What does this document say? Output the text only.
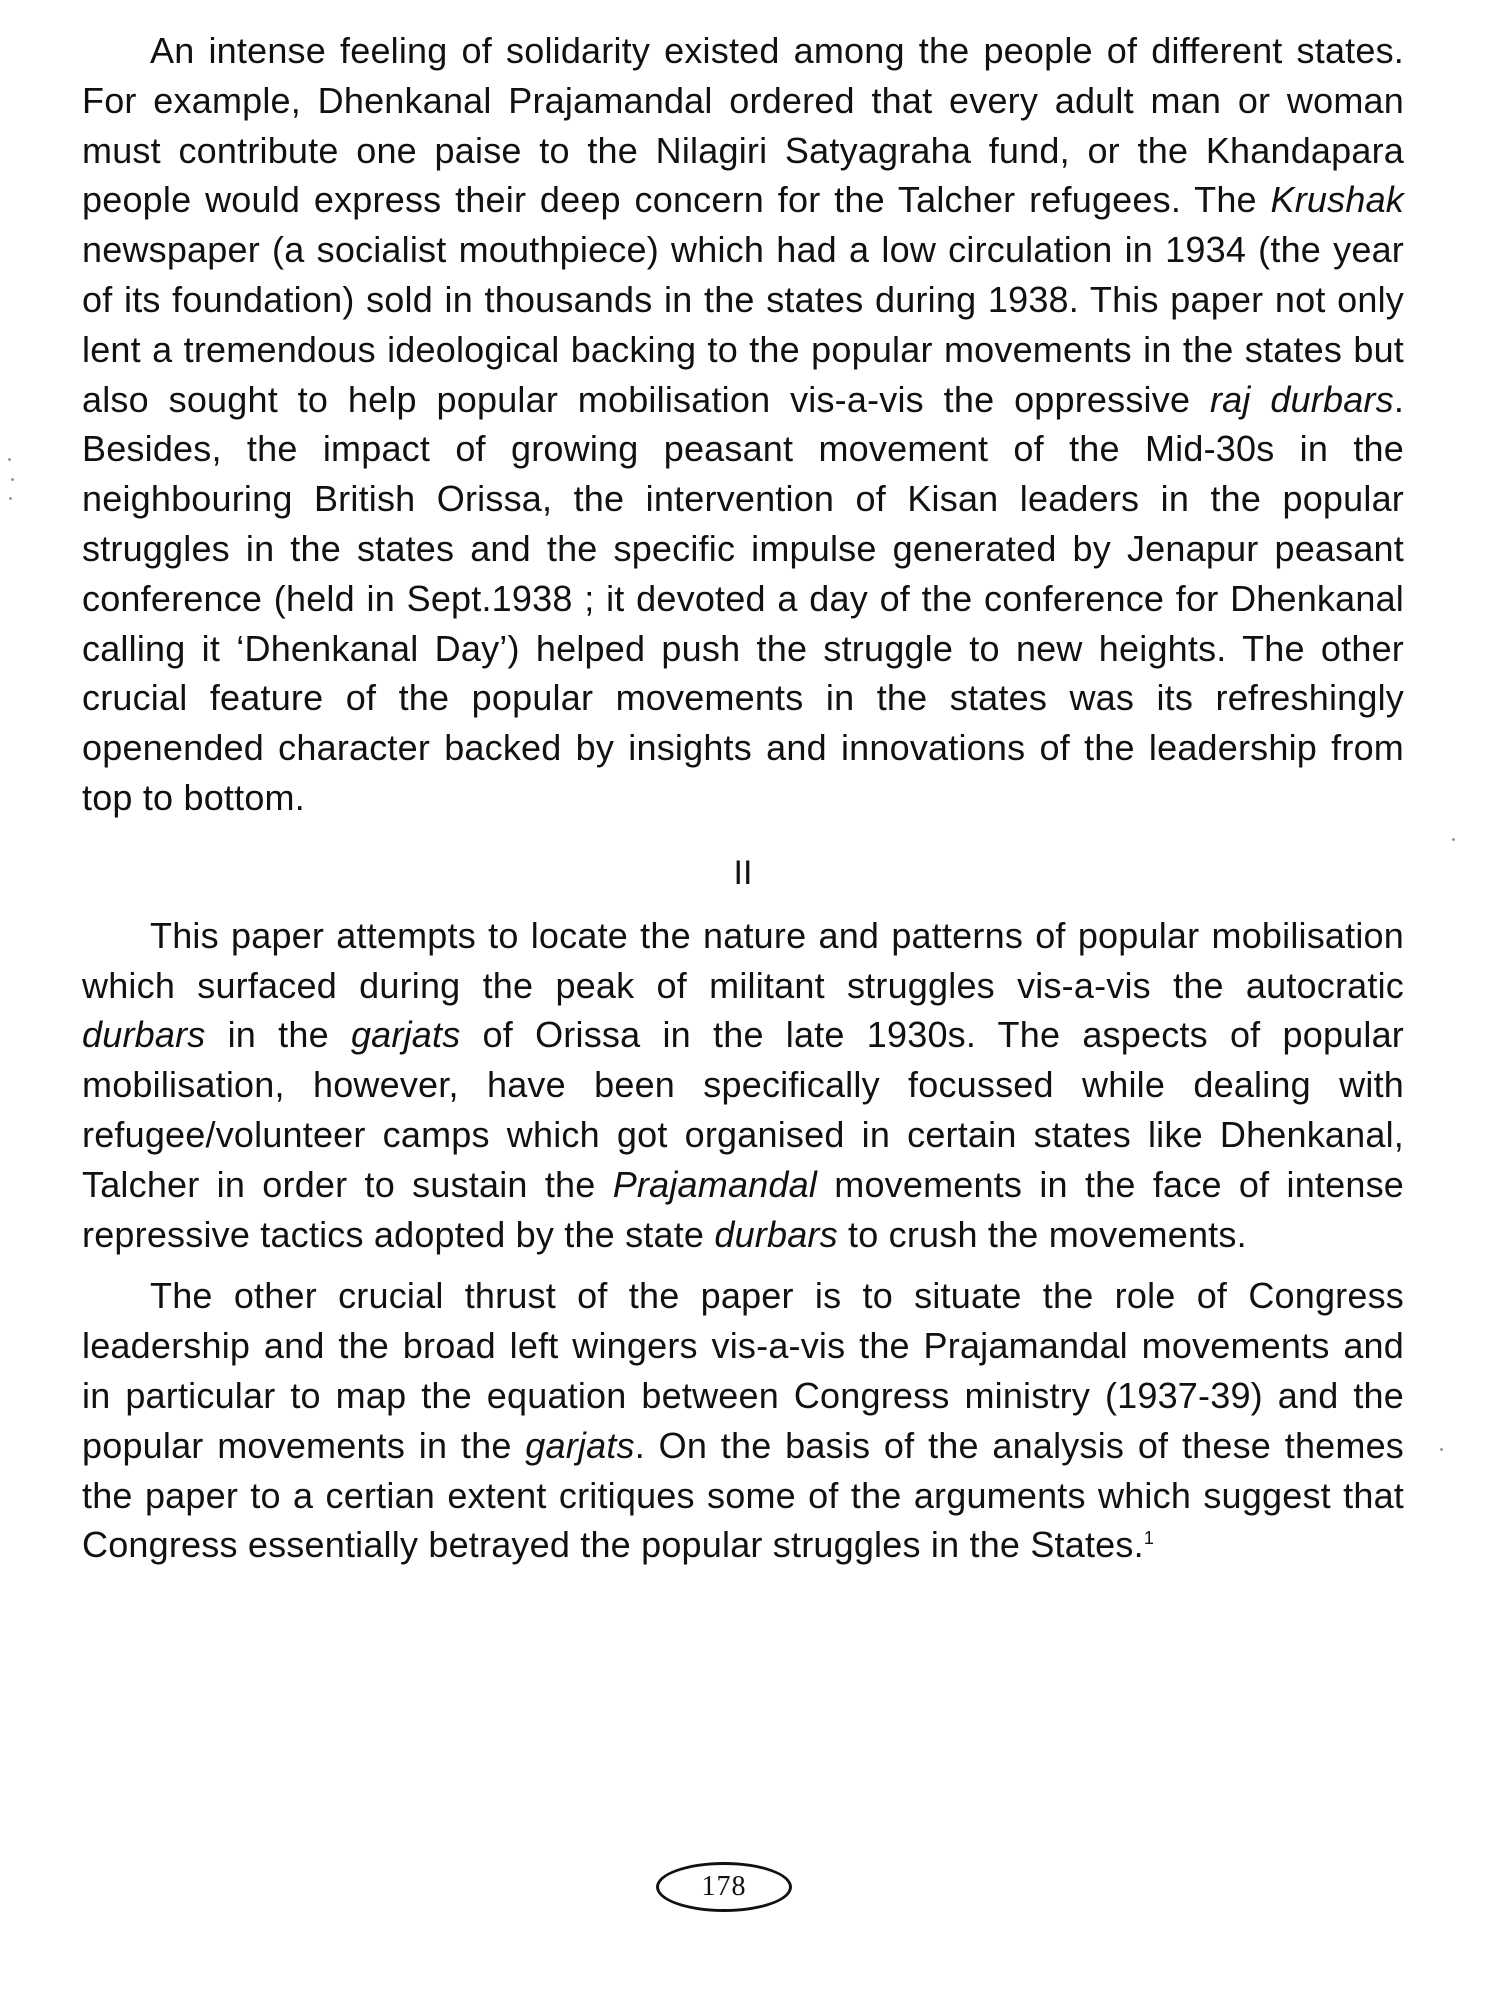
An intense feeling of solidarity existed among the people of different states. For example, Dhenkanal Prajamandal ordered that every adult man or woman must contribute one paise to the Nilagiri Satyagraha fund, or the Khandapara people would express their deep concern for the Talcher refugees. The Krushak newspaper (a socialist mouthpiece) which had a low circulation in 1934 (the year of its foundation) sold in thousands in the states during 1938. This paper not only lent a tremendous ideological backing to the popular movements in the states but also sought to help popular mobilisation vis-a-vis the oppressive raj durbars. Besides, the impact of growing peasant movement of the Mid-30s in the neighbouring British Orissa, the intervention of Kisan leaders in the popular struggles in the states and the specific impulse generated by Jenapur peasant conference (held in Sept.1938 ; it devoted a day of the conference for Dhenkanal calling it ‘Dhenkanal Day’) helped push the struggle to new heights. The other crucial feature of the popular movements in the states was its refreshingly openended character backed by insights and innovations of the leadership from top to bottom.

II

This paper attempts to locate the nature and patterns of popular mobilisation which surfaced during the peak of militant struggles vis-a-vis the autocratic durbars in the garjats of Orissa in the late 1930s. The aspects of popular mobilisation, however, have been specifically focussed while dealing with refugee/volunteer camps which got organised in certain states like Dhenkanal, Talcher in order to sustain the Prajamandal movements in the face of intense repressive tactics adopted by the state durbars to crush the movements.

The other crucial thrust of the paper is to situate the role of Congress leadership and the broad left wingers vis-a-vis the Prajamandal movements and in particular to map the equation between Congress ministry (1937-39) and the popular movements in the garjats. On the basis of the analysis of these themes the paper to a certian extent critiques some of the arguments which suggest that Congress essentially betrayed the popular struggles in the States.$^1$

178
